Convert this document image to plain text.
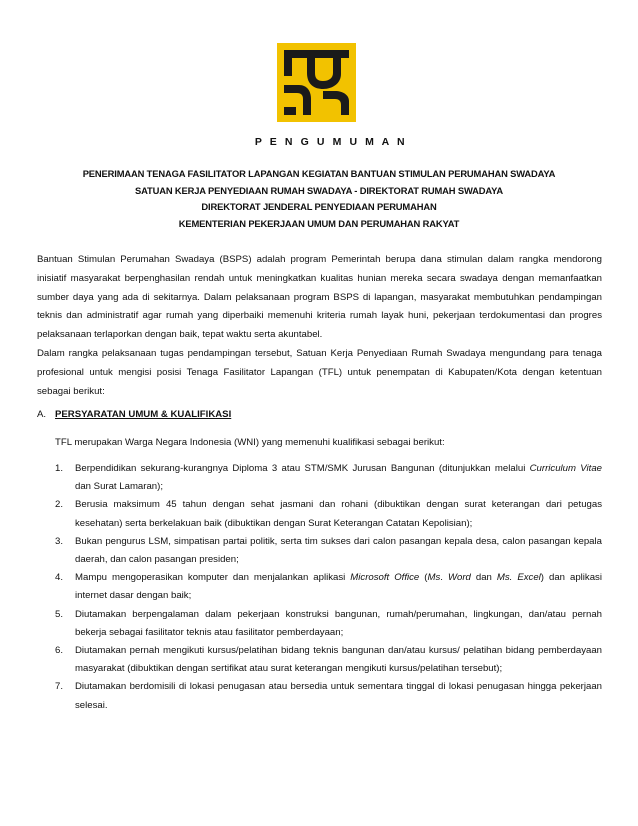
P E N G U M U M A N
PENERIMAAN TENAGA FASILITATOR LAPANGAN KEGIATAN BANTUAN STIMULAN PERUMAHAN SWADAYA
SATUAN KERJA PENYEDIAAN RUMAH SWADAYA - DIREKTORAT RUMAH SWADAYA
DIREKTORAT JENDERAL PENYEDIAAN PERUMAHAN
KEMENTERIAN PEKERJAAN UMUM DAN PERUMAHAN RAKYAT

Bantuan Stimulan Perumahan Swadaya (BSPS) adalah program Pemerintah berupa dana stimulan dalam rangka mendorong inisiatif masyarakat berpenghasilan rendah untuk meningkatkan kualitas hunian mereka secara swadaya dengan memanfaatkan sumber daya yang ada di sekitarnya. Dalam pelaksanaan program BSPS di lapangan, masyarakat membutuhkan pendampingan teknis dan administratif agar rumah yang diperbaiki memenuhi kriteria rumah layak huni, pekerjaan terdokumentasi dan progres pelaksanaan terlaporkan dengan baik, tepat waktu serta akuntabel.

Dalam rangka pelaksanaan tugas pendampingan tersebut, Satuan Kerja Penyediaan Rumah Swadaya mengundang para tenaga profesional untuk mengisi posisi Tenaga Fasilitator Lapangan (TFL) untuk penempatan di Kabupaten/Kota dengan ketentuan sebagai berikut:

A. PERSYARATAN UMUM & KUALIFIKASI
TFL merupakan Warga Negara Indonesia (WNI) yang memenuhi kualifikasi sebagai berikut:
1. Berpendidikan sekurang-kurangnya Diploma 3 atau STM/SMK Jurusan Bangunan (ditunjukkan melalui Curriculum Vitae dan Surat Lamaran);
2. Berusia maksimum 45 tahun dengan sehat jasmani dan rohani (dibuktikan dengan surat keterangan dari petugas kesehatan) serta berkelakuan baik (dibuktikan dengan Surat Keterangan Catatan Kepolisian);
3. Bukan pengurus LSM, simpatisan partai politik, serta tim sukses dari calon pasangan kepala desa, calon pasangan kepala daerah, dan calon pasangan presiden;
4. Mampu mengoperasikan komputer dan menjalankan aplikasi Microsoft Office (Ms. Word dan Ms. Excel) dan aplikasi internet dasar dengan baik;
5. Diutamakan berpengalaman dalam pekerjaan konstruksi bangunan, rumah/perumahan, lingkungan, dan/atau pernah bekerja sebagai fasilitator teknis atau fasilitator pemberdayaan;
6. Diutamakan pernah mengikuti kursus/pelatihan bidang teknis bangunan dan/atau kursus/ pelatihan bidang pemberdayaan masyarakat (dibuktikan dengan sertifikat atau surat keterangan mengikuti kursus/pelatihan tersebut);
7. Diutamakan berdomisili di lokasi penugasan atau bersedia untuk sementara tinggal di lokasi penugasan hingga pekerjaan selesai.
